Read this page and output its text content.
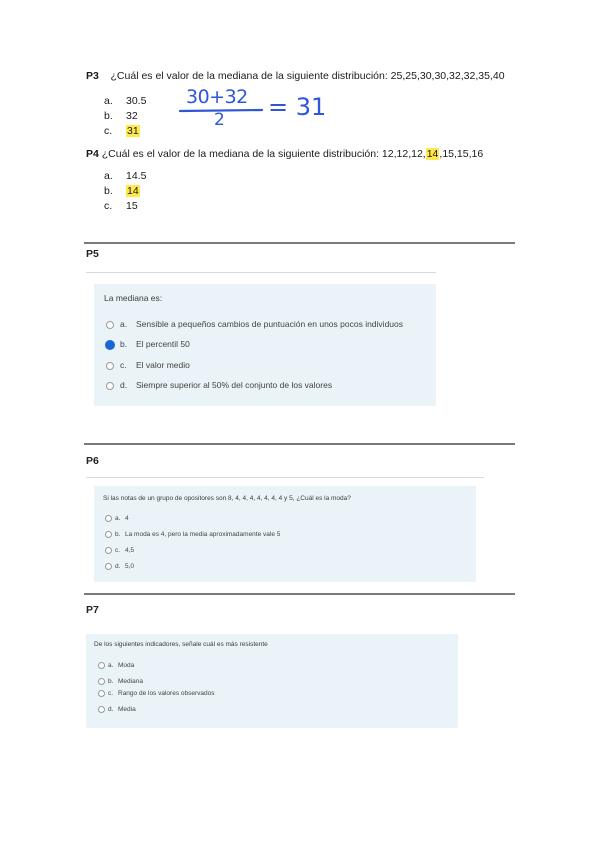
P3 ¿Cuál es el valor de la mediana de la siguiente distribución: 25,25,30,30,32,32,35,40
a. 30.5
b. 32
c. 31
30+32
2 = 31
P4 ¿Cuál es el valor de la mediana de la siguiente distribución: 12,12,12,14,15,15,16
a. 14.5
b. 14
c. 15
P5
La mediana es:
a. Sensible a pequeños cambios de puntuación en unos pocos individuos
b. El percentil 50
c. El valor medio
d. Siempre superior al 50% del conjunto de los valores
P6
Si las notas de un grupo de opositores son 8, 4, 4, 4, 4, 4, 4, 4 y 5, ¿Cuál es la moda?
a. 4
b. La moda es 4, pero la media aproximadamente vale 5
c. 4,5
d. 5,0
P7
De los siguientes indicadores, señale cuál es más resistente
a. Moda
b. Mediana
c. Rango de los valores observados
d. Media
